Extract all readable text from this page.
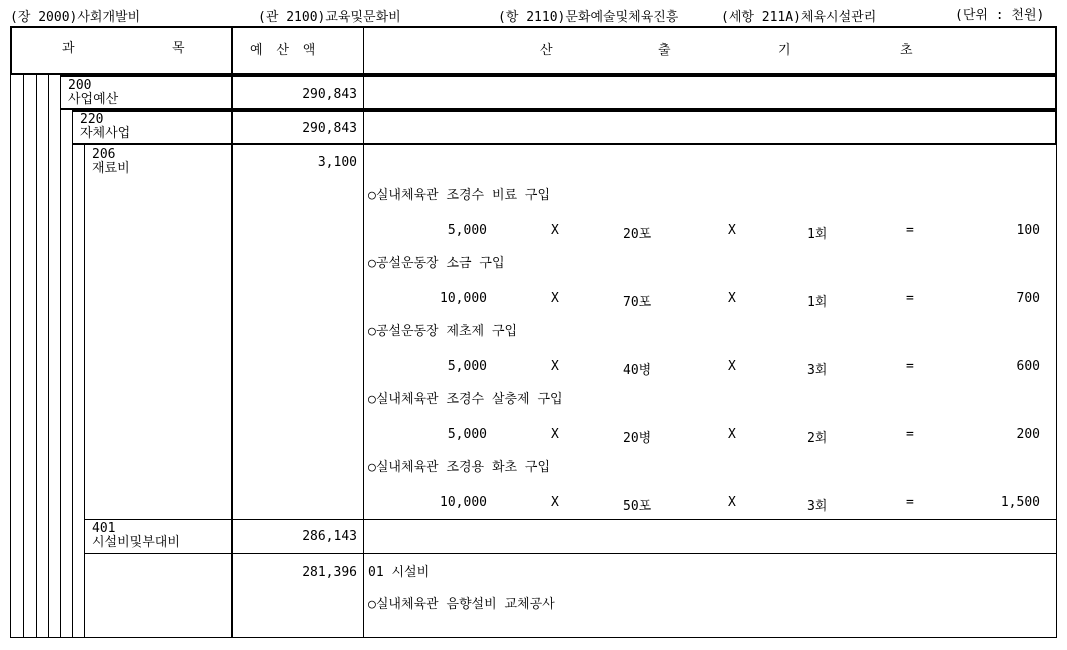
(장 2000)사회개발비	(관 2100)교육및문화비	(항 2110)문화예술및체육진흥	(세항 211A)체육시설관리	(단위 : 천원)
과	목	예 산 액	산	출	기	초
200
사업예산	290,843
220
자체사업	290,843
206
재료비	3,100
○실내체육관 조경수 비료 구입
5,000	X	20포	X	1회	=	100
○공설운동장 소금 구입
10,000	X	70포	X	1회	=	700
○공설운동장 제초제 구입
5,000	X	40병	X	3회	=	600
○실내체육관 조경수 살충제 구입
5,000	X	20병	X	2회	=	200
○실내체육관 조경용 화초 구입
10,000	X	50포	X	3회	=	1,500
401
시설비및부대비	286,143
281,396 01 시설비
○실내체육관 음향설비 교체공사
